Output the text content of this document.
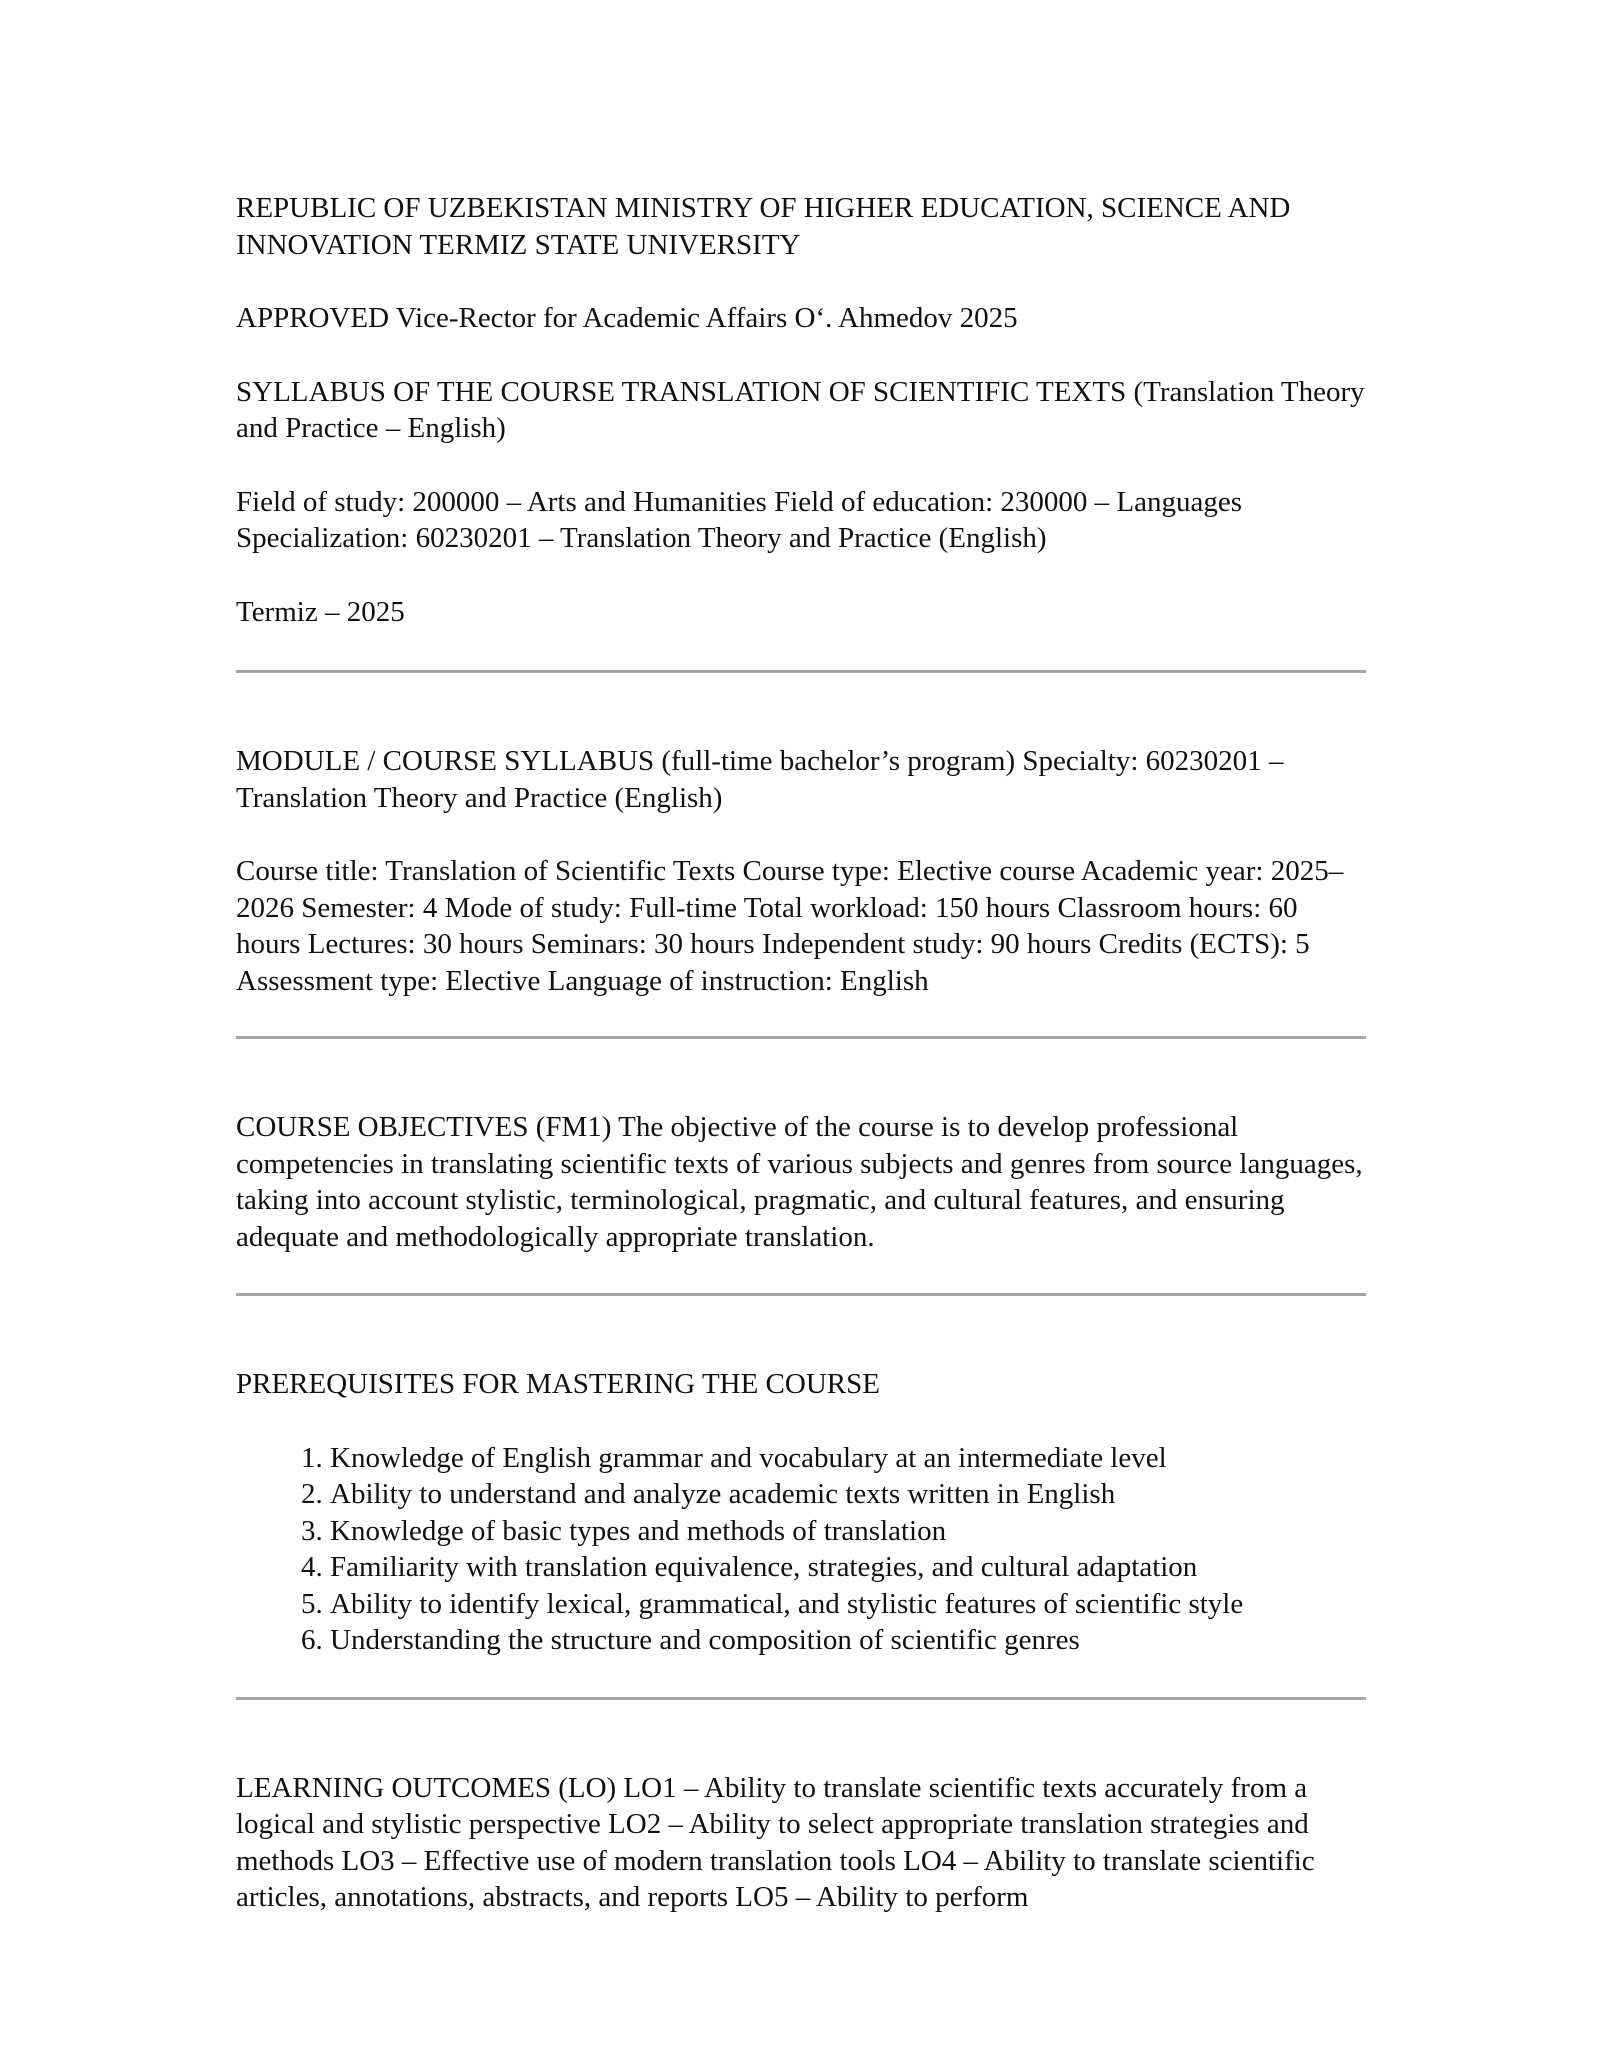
REPUBLIC OF UZBEKISTAN MINISTRY OF HIGHER EDUCATION, SCIENCE AND INNOVATION TERMIZ STATE UNIVERSITY

APPROVED Vice-Rector for Academic Affairs O‘. Ahmedov 2025

SYLLABUS OF THE COURSE TRANSLATION OF SCIENTIFIC TEXTS (Translation Theory and Practice – English)

Field of study: 200000 – Arts and Humanities Field of education: 230000 – Languages Specialization: 60230201 – Translation Theory and Practice (English)

Termiz – 2025

MODULE / COURSE SYLLABUS (full-time bachelor’s program) Specialty: 60230201 – Translation Theory and Practice (English)

Course title: Translation of Scientific Texts Course type: Elective course Academic year: 2025–2026 Semester: 4 Mode of study: Full-time Total workload: 150 hours Classroom hours: 60 hours Lectures: 30 hours Seminars: 30 hours Independent study: 90 hours Credits (ECTS): 5 Assessment type: Elective Language of instruction: English

COURSE OBJECTIVES (FM1) The objective of the course is to develop professional competencies in translating scientific texts of various subjects and genres from source languages, taking into account stylistic, terminological, pragmatic, and cultural features, and ensuring adequate and methodologically appropriate translation.

PREREQUISITES FOR MASTERING THE COURSE

1. Knowledge of English grammar and vocabulary at an intermediate level
2. Ability to understand and analyze academic texts written in English
3. Knowledge of basic types and methods of translation
4. Familiarity with translation equivalence, strategies, and cultural adaptation
5. Ability to identify lexical, grammatical, and stylistic features of scientific style
6. Understanding the structure and composition of scientific genres

LEARNING OUTCOMES (LO) LO1 – Ability to translate scientific texts accurately from a logical and stylistic perspective LO2 – Ability to select appropriate translation strategies and methods LO3 – Effective use of modern translation tools LO4 – Ability to translate scientific articles, annotations, abstracts, and reports LO5 – Ability to perform
